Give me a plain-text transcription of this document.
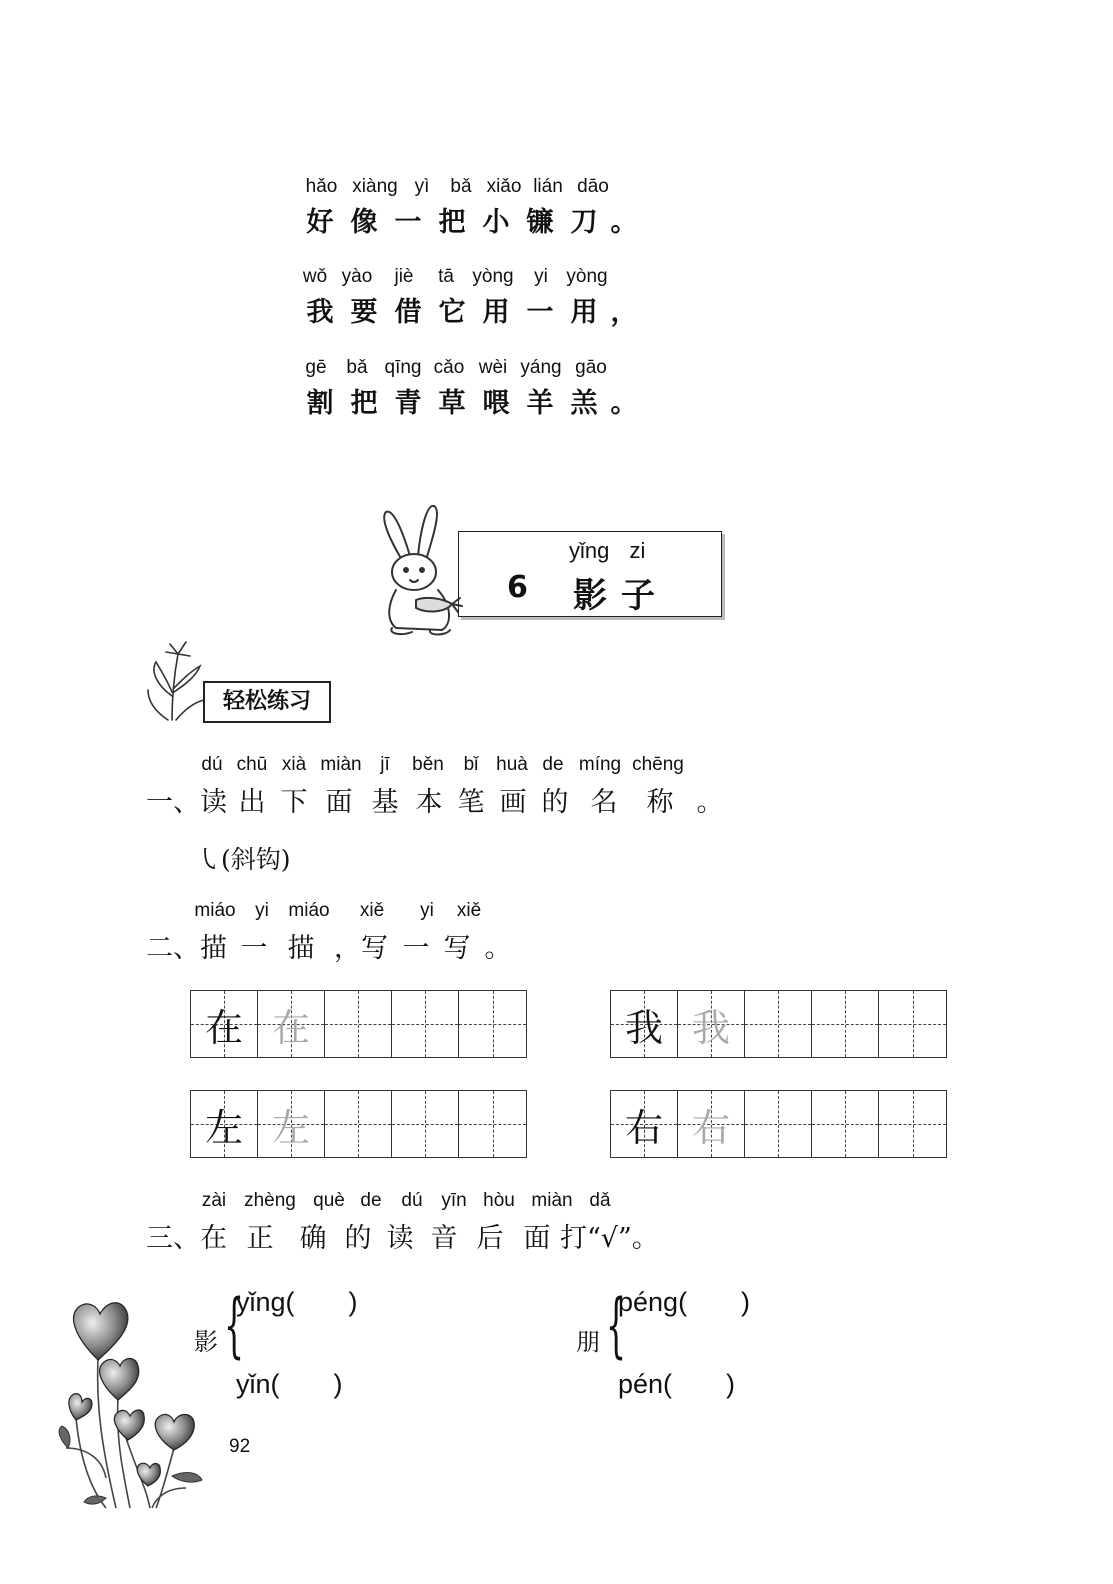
hǎo xiàng yì	bǎ xiǎo lián dāo
好 像 一 把 小 镰 刀 。
wǒ yào	jiè	tā yòng	yi yòng
我 要 借 它 用 一 用 ，
gē	bǎ qīng cǎo wèi yáng gāo
割 把 青 草 喂 羊 羔 。
yǐng zi
6 影子
轻松练习
dú chū xià miàn jī	běn	bǐ huà de míng chēng
一、读 出 下 面 基 本 笔 画 的 名	称 。
㇂(斜钩)
miáo	yi	miáo	xiě	yi	xiě
二、描 一 描 ，写 一 写 。
在 在	我 我
左 左	右 右
zài zhèng què de	dú yīn hòu miàn dǎ
三、在 正 确 的 读 音 后 面 打“√”。
影 {
yǐng(　　)
yǐn(　　)
朋 {
péng(　　)
pén(　　)
92
